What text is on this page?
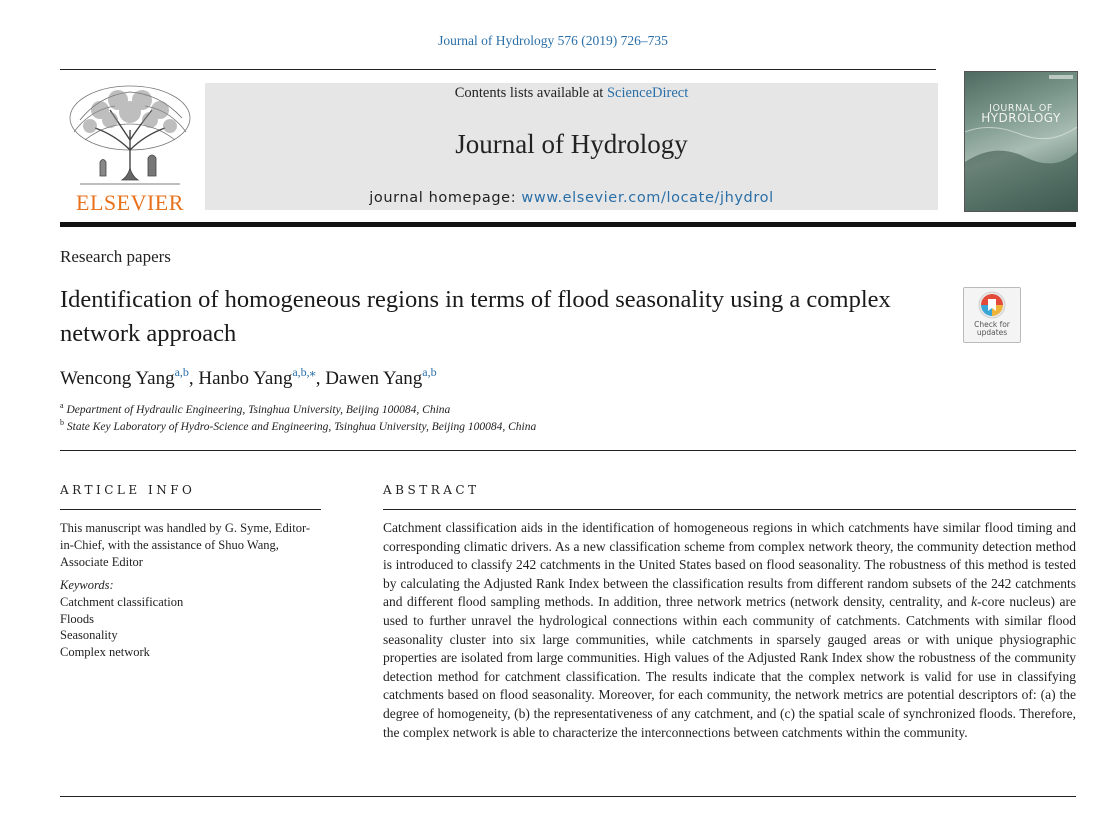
Journal of Hydrology 576 (2019) 726–735
ELSEVIER
Contents lists available at ScienceDirect
Journal of Hydrology
journal homepage: www.elsevier.com/locate/jhydrol
JOURNAL OF
HYDROLOGY
Research papers
Identification of homogeneous regions in terms of flood seasonality using a complex network approach	Check for
updates
Wencong Yang$^{a,b}$, Hanbo Yang$^{a,b,⁎}$, Dawen Yang$^{a,b}$
$^a$ Department of Hydraulic Engineering, Tsinghua University, Beijing 100084, China
$^b$ State Key Laboratory of Hydro-Science and Engineering, Tsinghua University, Beijing 100084, China
ARTICLE INFO
This manuscript was handled by G. Syme, Editor-in-Chief, with the assistance of Shuo Wang, Associate Editor
Keywords:
Catchment classification
Floods
Seasonality
Complex network
ABSTRACT

Catchment classification aids in the identification of homogeneous regions in which catchments have similar flood timing and corresponding climatic drivers. As a new classification scheme from complex network theory, the community detection method is introduced to classify 242 catchments in the United States based on flood seasonality. The robustness of this method is tested by calculating the Adjusted Rank Index between the classification results from different random subsets of the 242 catchments and different flood sampling methods. In addition, three network metrics (network density, centrality, and k-core nucleus) are used to further unravel the hydrological connections within each community of catchments. Catchments with similar flood seasonality cluster into six large communities, while catchments in sparsely gauged areas or with unique physiographic properties are isolated from large communities. High values of the Adjusted Rank Index show the robustness of the community detection method for catchment classification. The results indicate that the complex network is valid for use in classifying catchments based on flood seasonality. Moreover, for each community, the network metrics are potential descriptors of: (a) the degree of homogeneity, (b) the representativeness of any catchment, and (c) the spatial scale of synchronized floods. Therefore, the complex network is able to characterize the interconnections between catchments within the community.
